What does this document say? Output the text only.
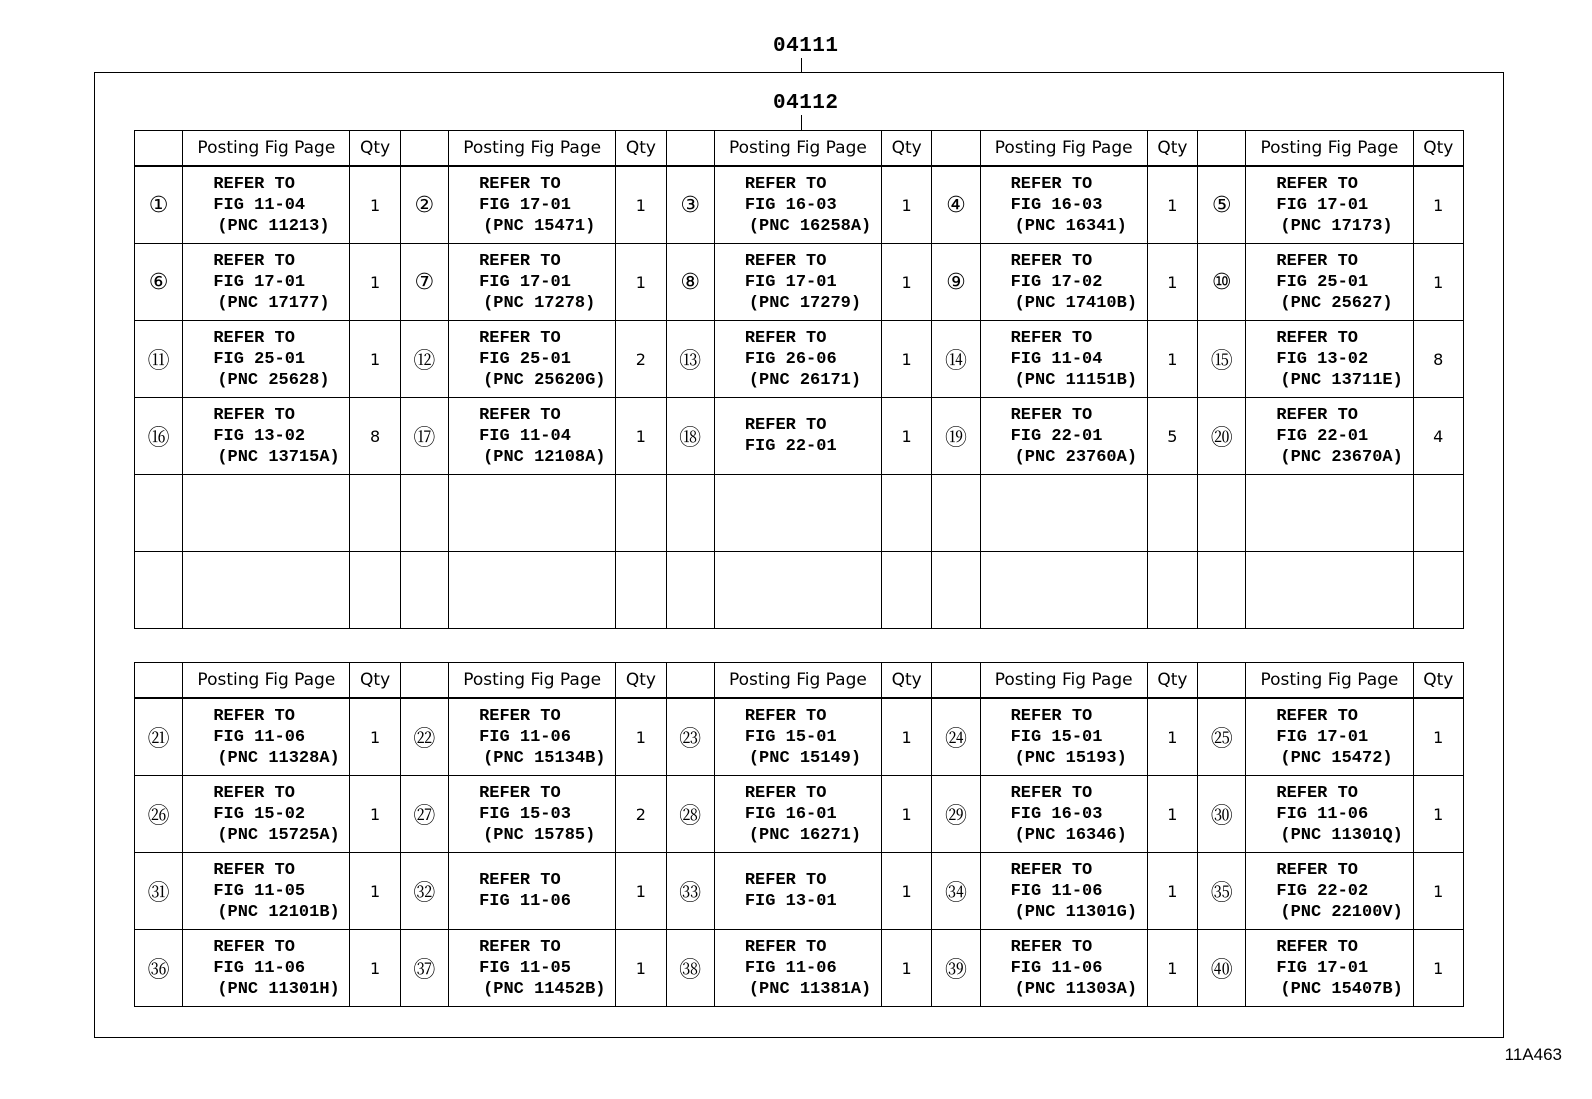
04111
04112
	Posting Fig Page	Qty		Posting Fig Page	Qty		Posting Fig Page	Qty		Posting Fig Page	Qty		Posting Fig Page	Qty
①	REFER TO
FIG 11-04
(PNC 11213)	1	②	REFER TO
FIG 17-01
(PNC 15471)	1	③	REFER TO
FIG 16-03
(PNC 16258A)	1	④	REFER TO
FIG 16-03
(PNC 16341)	1	⑤	REFER TO
FIG 17-01
(PNC 17173)	1
⑥	REFER TO
FIG 17-01
(PNC 17177)	1	⑦	REFER TO
FIG 17-01
(PNC 17278)	1	⑧	REFER TO
FIG 17-01
(PNC 17279)	1	⑨	REFER TO
FIG 17-02
(PNC 17410B)	1	⑩	REFER TO
FIG 25-01
(PNC 25627)	1
⑪	REFER TO
FIG 25-01
(PNC 25628)	1	⑫	REFER TO
FIG 25-01
(PNC 25620G)	2	⑬	REFER TO
FIG 26-06
(PNC 26171)	1	⑭	REFER TO
FIG 11-04
(PNC 11151B)	1	⑮	REFER TO
FIG 13-02
(PNC 13711E)	8
⑯	REFER TO
FIG 13-02
(PNC 13715A)	8	⑰	REFER TO
FIG 11-04
(PNC 12108A)	1	⑱	REFER TO
FIG 22-01	1	⑲	REFER TO
FIG 22-01
(PNC 23760A)	5	⑳	REFER TO
FIG 22-01
(PNC 23670A)	4

	Posting Fig Page	Qty		Posting Fig Page	Qty		Posting Fig Page	Qty		Posting Fig Page	Qty		Posting Fig Page	Qty
㉑	REFER TO
FIG 11-06
(PNC 11328A)	1	㉒	REFER TO
FIG 11-06
(PNC 15134B)	1	㉓	REFER TO
FIG 15-01
(PNC 15149)	1	㉔	REFER TO
FIG 15-01
(PNC 15193)	1	㉕	REFER TO
FIG 17-01
(PNC 15472)	1
㉖	REFER TO
FIG 15-02
(PNC 15725A)	1	㉗	REFER TO
FIG 15-03
(PNC 15785)	2	㉘	REFER TO
FIG 16-01
(PNC 16271)	1	㉙	REFER TO
FIG 16-03
(PNC 16346)	1	㉚	REFER TO
FIG 11-06
(PNC 11301Q)	1
㉛	REFER TO
FIG 11-05
(PNC 12101B)	1	㉜	REFER TO
FIG 11-06	1	㉝	REFER TO
FIG 13-01	1	㉞	REFER TO
FIG 11-06
(PNC 11301G)	1	㉟	REFER TO
FIG 22-02
(PNC 22100V)	1
㊱	REFER TO
FIG 11-06
(PNC 11301H)	1	㊲	REFER TO
FIG 11-05
(PNC 11452B)	1	㊳	REFER TO
FIG 11-06
(PNC 11381A)	1	㊴	REFER TO
FIG 11-06
(PNC 11303A)	1	㊵	REFER TO
FIG 17-01
(PNC 15407B)	1
11A463
